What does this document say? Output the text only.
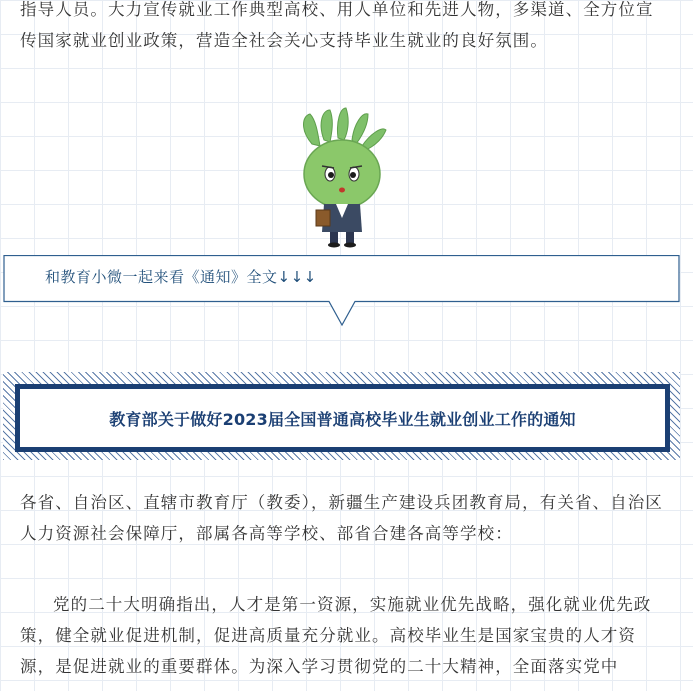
指导人员。大力宣传就业工作典型高校、用人单位和先进人物，多渠道、全方位宣传国家就业创业政策，营造全社会关心支持毕业生就业的良好氛围。

和教育小微一起来看《通知》全文↓↓↓
教育部关于做好2023届全国普通高校毕业生就业创业工作的通知

各省、自治区、直辖市教育厅（教委），新疆生产建设兵团教育局，有关省、自治区人力资源社会保障厅，部属各高等学校、部省合建各高等学校：

党的二十大明确指出，人才是第一资源，实施就业优先战略，强化就业优先政策，健全就业促进机制，促进高质量充分就业。高校毕业生是国家宝贵的人才资源，是促进就业的重要群体。为深入学习贯彻党的二十大精神，全面落实党中
